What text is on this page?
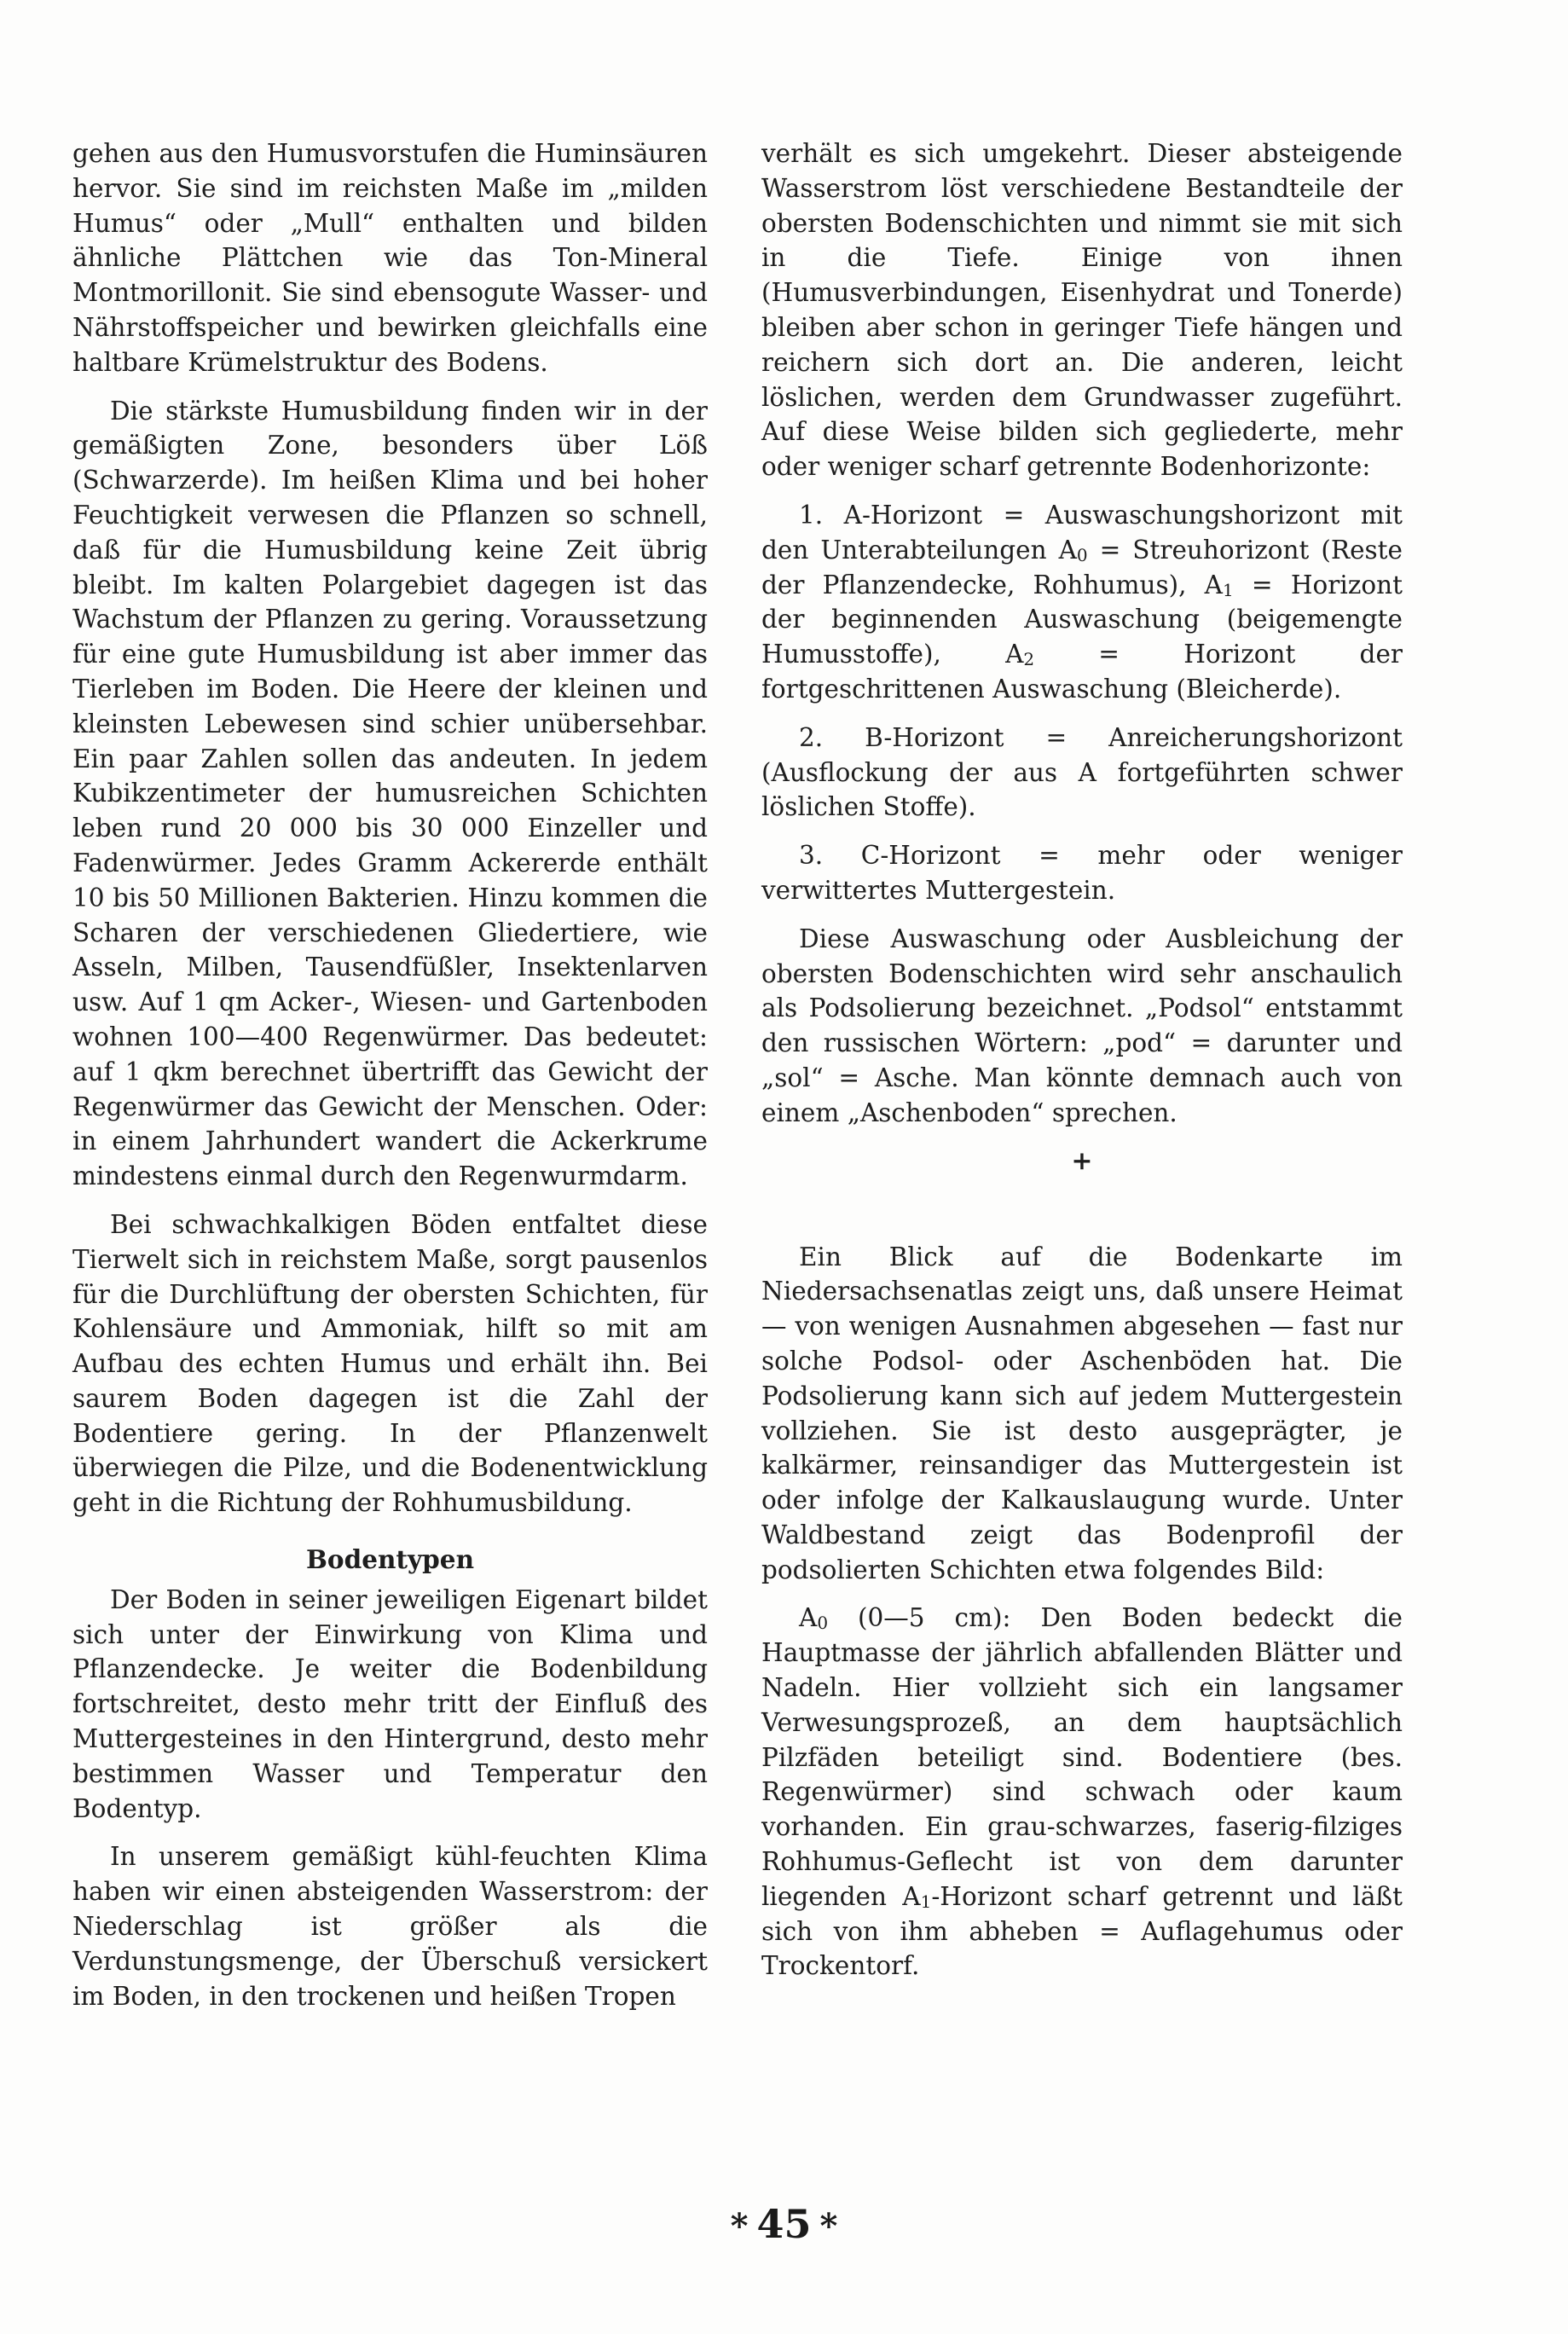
gehen aus den Humusvorstufen die Huminsäuren hervor. Sie sind im reichsten Maße im „milden Humus“ oder „Mull“ enthalten und bilden ähnliche Plättchen wie das Ton-Mineral Montmorillonit. Sie sind ebensogute Wasser- und Nährstoffspeicher und bewirken gleichfalls eine haltbare Krümelstruktur des Bodens.

Die stärkste Humusbildung finden wir in der gemäßigten Zone, besonders über Löß (Schwarzerde). Im heißen Klima und bei hoher Feuchtigkeit verwesen die Pflanzen so schnell, daß für die Humusbildung keine Zeit übrig bleibt. Im kalten Polargebiet dagegen ist das Wachstum der Pflanzen zu gering. Voraussetzung für eine gute Humusbildung ist aber immer das Tierleben im Boden. Die Heere der kleinen und kleinsten Lebewesen sind schier unübersehbar. Ein paar Zahlen sollen das andeuten. In jedem Kubikzentimeter der humusreichen Schichten leben rund 20 000 bis 30 000 Einzeller und Fadenwürmer. Jedes Gramm Ackererde enthält 10 bis 50 Millionen Bakterien. Hinzu kommen die Scharen der verschiedenen Gliedertiere, wie Asseln, Milben, Tausendfüßler, Insektenlarven usw. Auf 1 qm Acker-, Wiesen- und Gartenboden wohnen 100—400 Regenwürmer. Das bedeutet: auf 1 qkm berechnet übertrifft das Gewicht der Regenwürmer das Gewicht der Menschen. Oder: in einem Jahrhundert wandert die Ackerkrume mindestens einmal durch den Regenwurmdarm.

Bei schwachkalkigen Böden entfaltet diese Tierwelt sich in reichstem Maße, sorgt pausenlos für die Durchlüftung der obersten Schichten, für Kohlensäure und Ammoniak, hilft so mit am Aufbau des echten Humus und erhält ihn. Bei saurem Boden dagegen ist die Zahl der Bodentiere gering. In der Pflanzenwelt überwiegen die Pilze, und die Bodenentwicklung geht in die Richtung der Rohhumusbildung.

Bodentypen

Der Boden in seiner jeweiligen Eigenart bildet sich unter der Einwirkung von Klima und Pflanzendecke. Je weiter die Bodenbildung fortschreitet, desto mehr tritt der Einfluß des Muttergesteines in den Hintergrund, desto mehr bestimmen Wasser und Temperatur den Bodentyp.

In unserem gemäßigt kühl-feuchten Klima haben wir einen absteigenden Wasserstrom: der Niederschlag ist größer als die Verdunstungsmenge, der Überschuß versickert im Boden, in den trockenen und heißen Tropen

verhält es sich umgekehrt. Dieser absteigende Wasserstrom löst verschiedene Bestandteile der obersten Bodenschichten und nimmt sie mit sich in die Tiefe. Einige von ihnen (Humusverbindungen, Eisenhydrat und Tonerde) bleiben aber schon in geringer Tiefe hängen und reichern sich dort an. Die anderen, leicht löslichen, werden dem Grundwasser zugeführt. Auf diese Weise bilden sich gegliederte, mehr oder weniger scharf getrennte Bodenhorizonte:

1. A-Horizont = Auswaschungshorizont mit den Unterabteilungen $A_0$ = Streuhorizont (Reste der Pflanzendecke, Rohhumus), $A_1$ = Horizont der beginnenden Auswaschung (beigemengte Humusstoffe), $A_2$ = Horizont der fortgeschrittenen Auswaschung (Bleicherde).

2. B-Horizont = Anreicherungshorizont (Ausflockung der aus A fortgeführten schwer löslichen Stoffe).

3. C-Horizont = mehr oder weniger verwittertes Muttergestein.

Diese Auswaschung oder Ausbleichung der obersten Bodenschichten wird sehr anschaulich als Podsolierung bezeichnet. „Podsol“ entstammt den russischen Wörtern: „pod“ = darunter und „sol“ = Asche. Man könnte demnach auch von einem „Aschenboden“ sprechen.

+

Ein Blick auf die Bodenkarte im Niedersachsenatlas zeigt uns, daß unsere Heimat — von wenigen Ausnahmen abgesehen — fast nur solche Podsol- oder Aschenböden hat. Die Podsolierung kann sich auf jedem Muttergestein vollziehen. Sie ist desto ausgeprägter, je kalkärmer, reinsandiger das Muttergestein ist oder infolge der Kalkauslaugung wurde. Unter Waldbestand zeigt das Bodenprofil der podsolierten Schichten etwa folgendes Bild:

$A_0$ (0—5 cm): Den Boden bedeckt die Hauptmasse der jährlich abfallenden Blätter und Nadeln. Hier vollzieht sich ein langsamer Verwesungsprozeß, an dem hauptsächlich Pilzfäden beteiligt sind. Bodentiere (bes. Regenwürmer) sind schwach oder kaum vorhanden. Ein grau-schwarzes, faserig-filziges Rohhumus-Geflecht ist von dem darunter liegenden $A_1$-Horizont scharf getrennt und läßt sich von ihm abheben = Auflagehumus oder Trockentorf.

* 45 *
